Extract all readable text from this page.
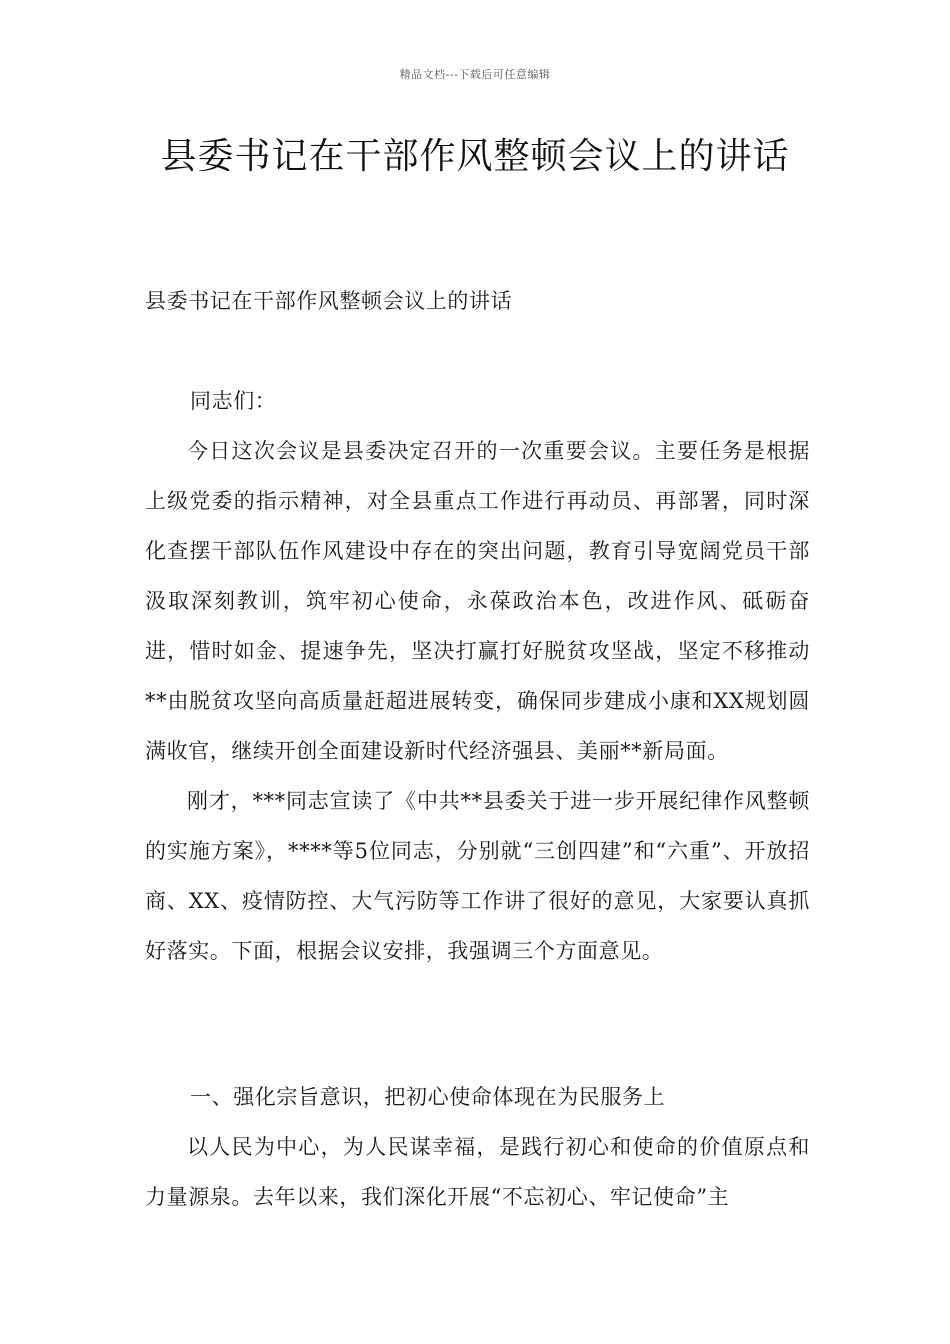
精品文档---下载后可任意编辑
县委书记在干部作风整顿会议上的讲话
县委书记在干部作风整顿会议上的讲话
同志们：

今日这次会议是县委决定召开的一次重要会议。主要任务是根据上级党委的指示精神，对全县重点工作进行再动员、再部署，同时深化查摆干部队伍作风建设中存在的突出问题，教育引导宽阔党员干部汲取深刻教训，筑牢初心使命，永葆政治本色，改进作风、砥砺奋进，惜时如金、提速争先，坚决打赢打好脱贫攻坚战，坚定不移推动**由脱贫攻坚向高质量赶超进展转变，确保同步建成小康和XX规划圆满收官，继续开创全面建设新时代经济强县、美丽**新局面。

刚才，***同志宣读了《中共**县委关于进一步开展纪律作风整顿的实施方案》，****等5位同志，分别就“三创四建”和“六重”、开放招商、XX、疫情防控、大气污防等工作讲了很好的意见，大家要认真抓好落实。下面，根据会议安排，我强调三个方面意见。

一、强化宗旨意识，把初心使命体现在为民服务上

以人民为中心，为人民谋幸福，是践行初心和使命的价值原点和力量源泉。去年以来，我们深化开展“不忘初心、牢记使命”主
